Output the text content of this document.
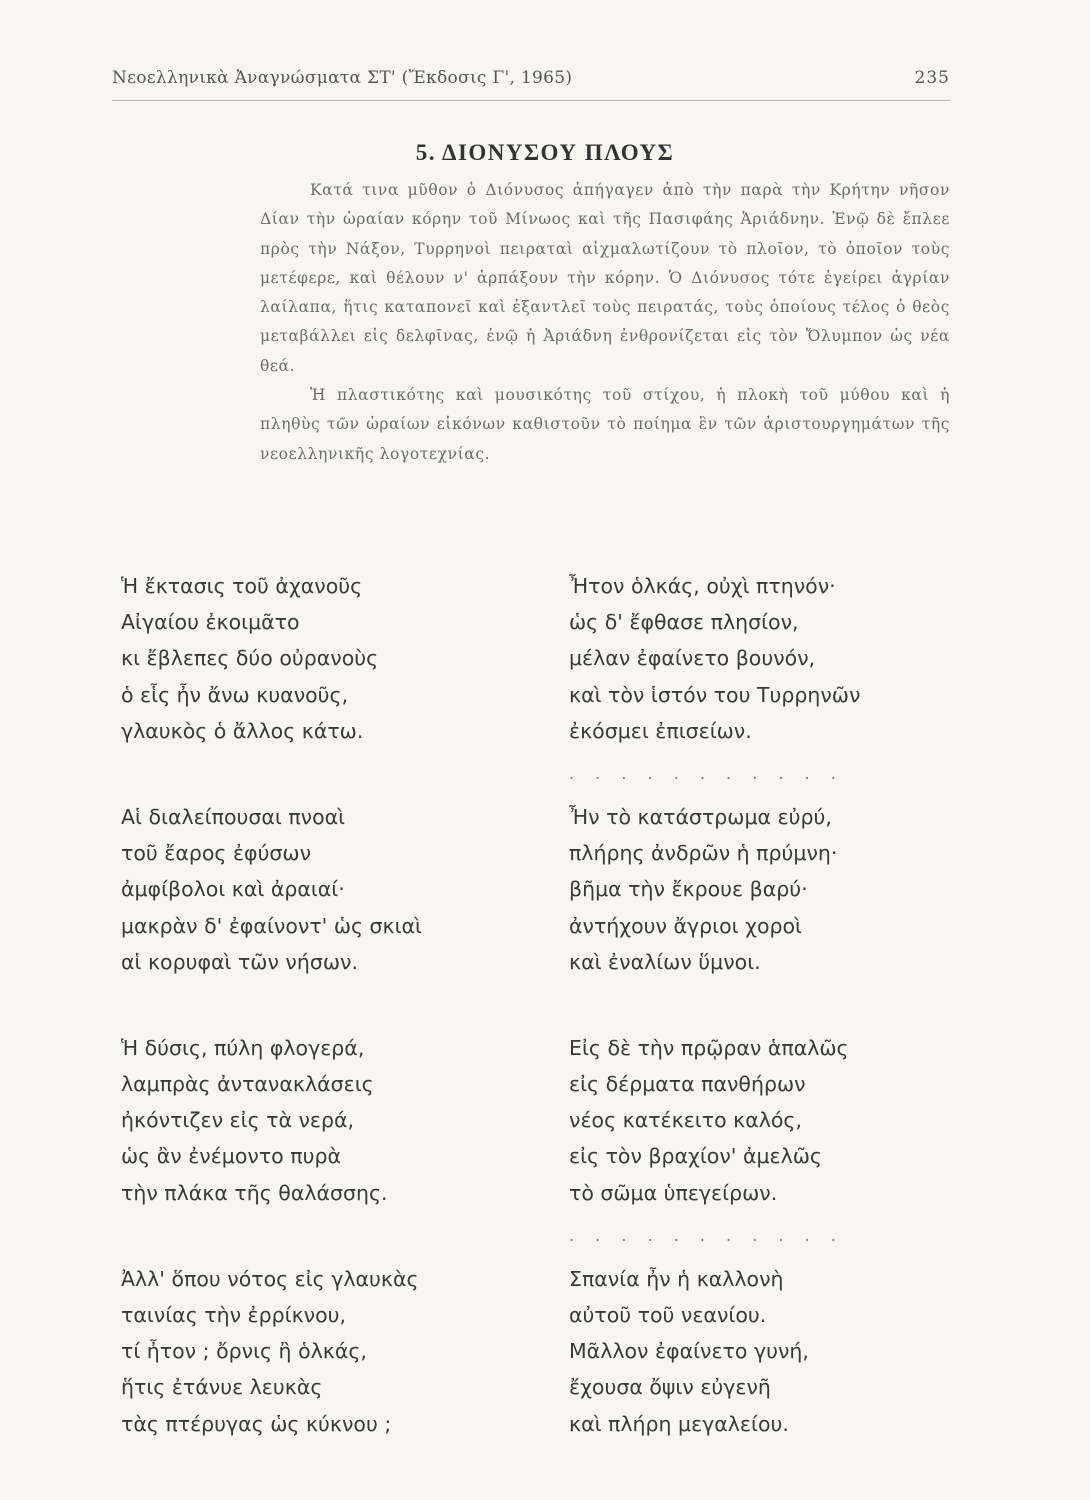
Νεοελληνικὰ Ἀναγνώσματα ΣΤ' (Ἔκδοσις Γ', 1965)	235
5. ΔΙΟΝΥΣΟΥ ΠΛΟΥΣ

Κατά τινα μῦθον ὁ Διόνυσος ἀπήγαγεν ἀπὸ τὴν παρὰ τὴν Κρήτην νῆσον Δίαν τὴν ὡραίαν κόρην τοῦ Μίνωος καὶ τῆς Πασιφάης Ἀριάδνην. Ἐνῷ δὲ ἔπλεε πρὸς τὴν Νάξον, Τυρρηνοὶ πειραταὶ αἰχμαλωτίζουν τὸ πλοῖον, τὸ ὁποῖον τοὺς μετέφερε, καὶ θέλουν ν' ἁρπάξουν τὴν κόρην. Ὁ Διόνυσος τότε ἐγείρει ἀγρίαν λαίλαπα, ἥτις καταπονεῖ καὶ ἐξαντλεῖ τοὺς πειρατάς, τοὺς ὁποίους τέλος ὁ θεὸς μεταβάλλει εἰς δελφῖνας, ἐνῷ ἡ Ἀριάδνη ἐνθρονίζεται εἰς τὸν Ὄλυμπον ὡς νέα θεά.

Ἡ πλαστικότης καὶ μουσικότης τοῦ στίχου, ἡ πλοκὴ τοῦ μύθου καὶ ἡ πληθὺς τῶν ὡραίων εἰκόνων καθιστοῦν τὸ ποίημα ἓν τῶν ἀριστουργημάτων τῆς νεοελληνικῆς λογοτεχνίας.

Ἡ ἔκτασις τοῦ ἀχανοῦς
Αἰγαίου ἐκοιμᾶτο
κι ἔβλεπες δύο οὐρανοὺς
ὁ εἷς ἦν ἄνω κυανοῦς,
γλαυκὸς ὁ ἄλλος κάτω.
Αἱ διαλείπουσαι πνοαὶ
τοῦ ἔαρος ἐφύσων
ἀμφίβολοι καὶ ἀραιαί·
μακρὰν δ' ἐφαίνοντ' ὡς σκιαὶ
αἱ κορυφαὶ τῶν νήσων.
Ἡ δύσις, πύλη φλογερά,
λαμπρὰς ἀντανακλάσεις
ἠκόντιζεν εἰς τὰ νερά,
ὡς ἂν ἐνέμοντο πυρὰ
τὴν πλάκα τῆς θαλάσσης.
Ἀλλ' ὅπου νότος εἰς γλαυκὰς
ταινίας τὴν ἐρρίκνου,
τί ἦτον ; ὄρνις ἢ ὁλκάς,
ἥτις ἐτάνυε λευκὰς
τὰς πτέρυγας ὡς κύκνου ;
Ἦτον ὁλκάς, οὐχὶ πτηνόν·
ὡς δ' ἔφθασε πλησίον,
μέλαν ἐφαίνετο βουνόν,
καὶ τὸν ἱστόν του Τυρρηνῶν
ἐκόσμει ἐπισείων.
. . . . . . . . . . .
Ἦν τὸ κατάστρωμα εὐρύ,
πλήρης ἀνδρῶν ἡ πρύμνη·
βῆμα τὴν ἔκρουε βαρύ·
ἀντήχουν ἄγριοι χοροὶ
καὶ ἐναλίων ὕμνοι.
Εἰς δὲ τὴν πρῷραν ἁπαλῶς
εἰς δέρματα πανθήρων
νέος κατέκειτο καλός,
εἰς τὸν βραχίον' ἀμελῶς
τὸ σῶμα ὑπεγείρων.
. . . . . . . . . . .
Σπανία ἦν ἡ καλλονὴ
αὐτοῦ τοῦ νεανίου.
Μᾶλλον ἐφαίνετο γυνή,
ἔχουσα ὄψιν εὐγενῆ
καὶ πλήρη μεγαλείου.
